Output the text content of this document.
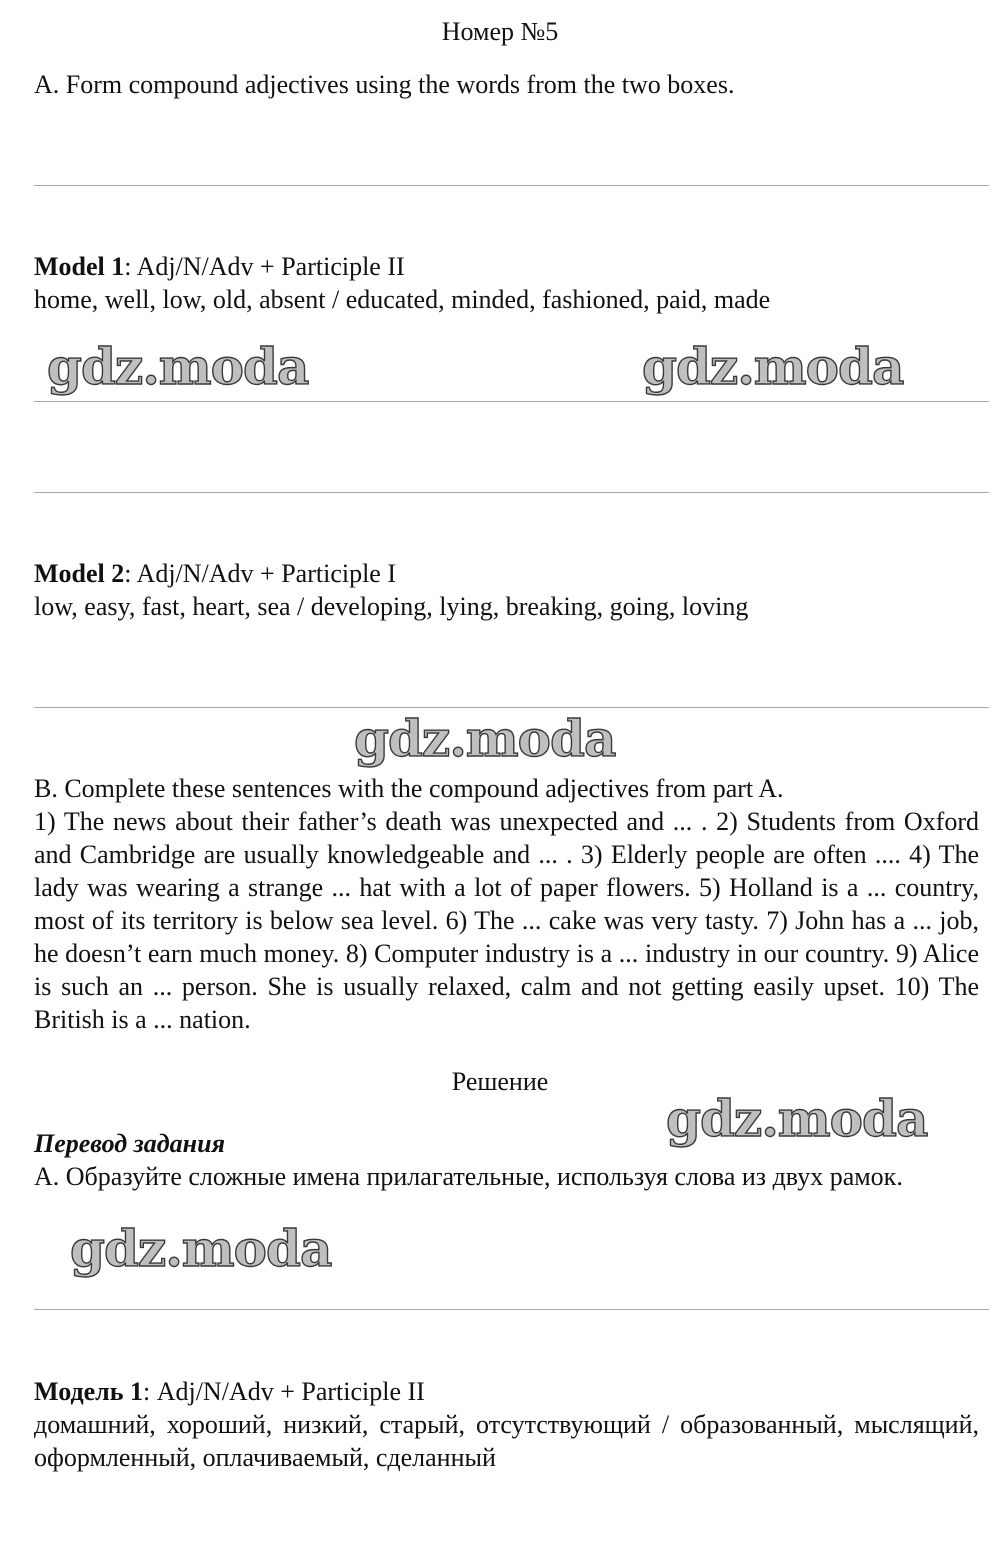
Номер №5
A. Form compound adjectives using the words from the two boxes.
Model 1: Adj/N/Adv + Participle II
home, well, low, old, absent / educated, minded, fashioned, paid, made
Model 2: Adj/N/Adv + Participle I
low, easy, fast, heart, sea / developing, lying, breaking, going, loving
B. Complete these sentences with the compound adjectives from part A.
1) The news about their father’s death was unexpected and ... . 2) Students from Oxford and Cambridge are usually knowledgeable and ... . 3) Elderly people are often .... 4) The lady was wearing a strange ... hat with a lot of paper flowers. 5) Holland is a ... country, most of its territory is below sea level. 6) The ... cake was very tasty. 7) John has a ... job, he doesn’t earn much money. 8) Computer industry is a ... industry in our country. 9) Alice is such an ... person. She is usually relaxed, calm and not getting easily upset. 10) The British is a ... nation.
Решение
Перевод задания
А. Образуйте сложные имена прилагательные, используя слова из двух рамок.
Модель 1: Adj/N/Adv + Participle II
домашний, хороший, низкий, старый, отсутствующий / образованный, мыслящий, оформленный, оплачиваемый, сделанный
gdz.moda	gdz.moda
gdz.moda
gdz.moda
gdz.moda
